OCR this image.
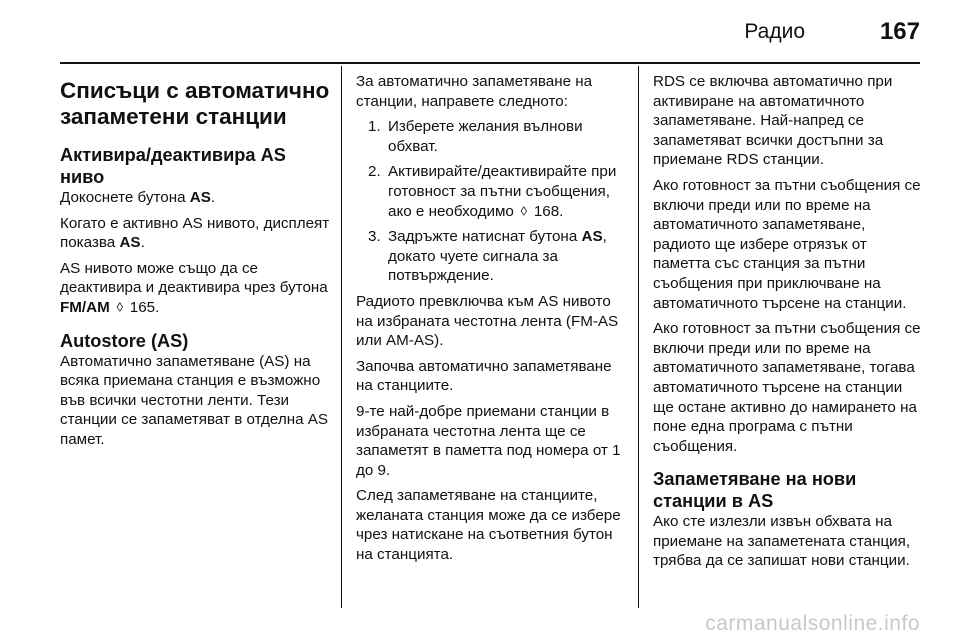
Радио	167
Списъци с автоматично запаметени станции
Активира/деактивира AS ниво

Докоснете бутона AS.

Когато е активно AS нивото, дисплеят показва AS.

AS нивото може също да се деактивира и деактивира чрез бутона FM/AM ◊ 165.

Autostore (AS)

Автоматично запаметяване (AS) на всяка приемана станция е възможно във всички честотни ленти. Тези станции се запаметяват в отделна AS памет.

За автоматично запаметяване на станции, направете следното:

1. Изберете желания вълнови обхват.
2. Активирайте/деактивирайте при готовност за пътни съобщения, ако е необходимо ◊ 168.
3. Задръжте натиснат бутона AS, докато чуете сигнала за потвърждение.

Радиото превключва към AS нивото на избраната честотна лента (FM-AS или AM-AS).

Започва автоматично запаметяване на станциите.

9-те най-добре приемани станции в избраната честотна лента ще се запаметят в паметта под номера от 1 до 9.

След запаметяване на станциите, желаната станция може да се избере чрез натискане на съответния бутон на станцията.

RDS се включва автоматично при активиране на автоматичното запаметяване. Най-напред се запаметяват всички достъпни за приемане RDS станции.

Ако готовност за пътни съобщения се включи преди или по време на автоматичното запаметяване, радиото ще избере отрязък от паметта със станция за пътни съобщения при приключване на автоматичното търсене на станции.

Ако готовност за пътни съобщения се включи преди или по време на автоматичното запаметяване, тогава автоматичното търсене на станции ще остане активно до намирането на поне една програма с пътни съобщения.

Запаметяване на нови станции в AS

Ако сте излезли извън обхвата на приемане на запаметената станция, трябва да се запишат нови станции.

carmanualsonline.info
